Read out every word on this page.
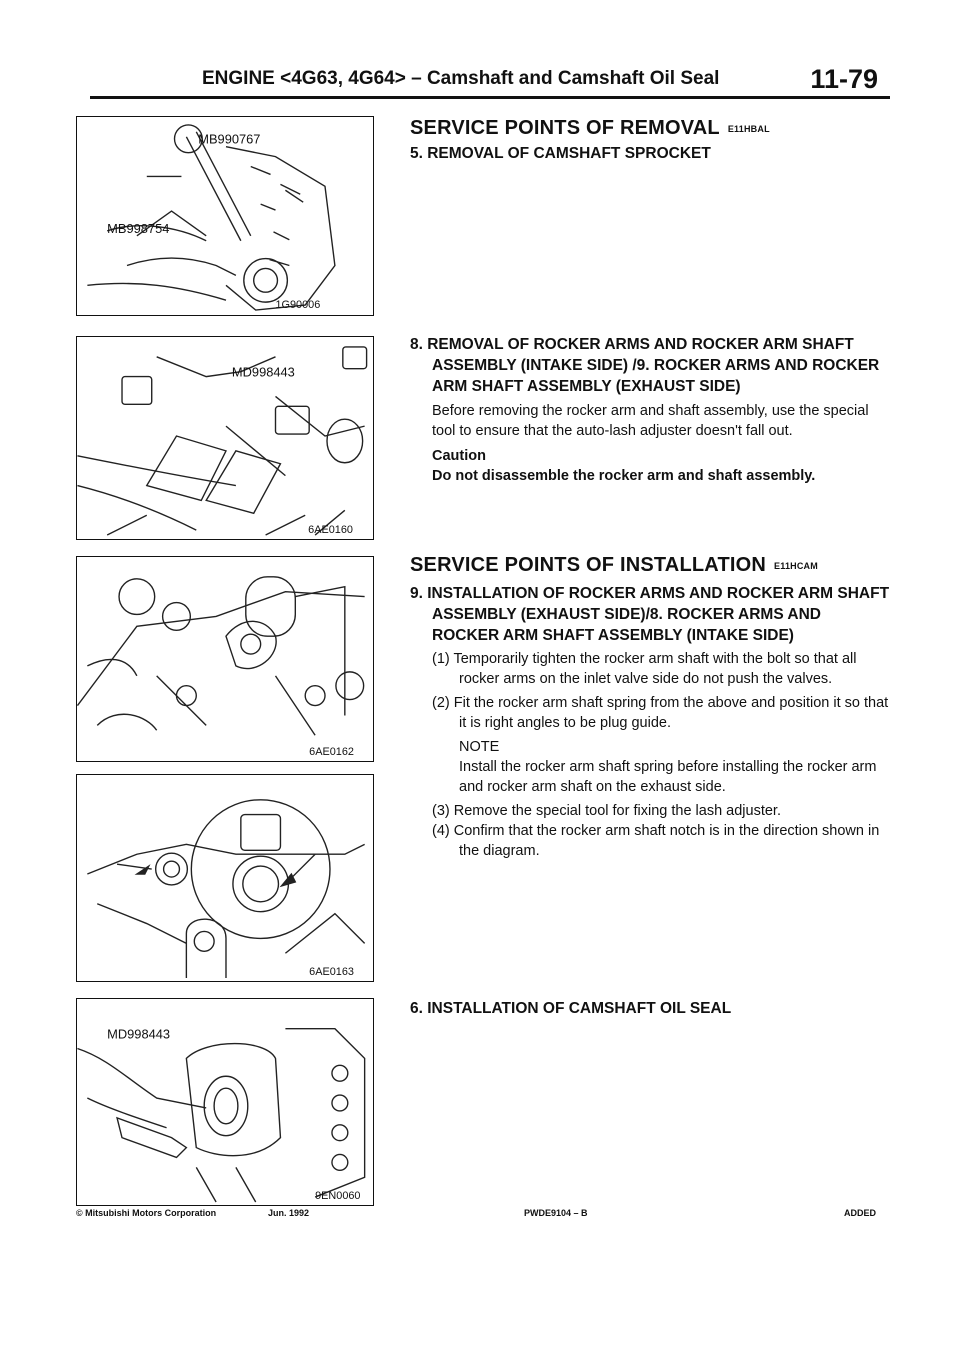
ENGINE <4G63, 4G64> – Camshaft and Camshaft Oil Seal	11-79
MB990767
MB998754
1G90006
MD998443
6AE0160
6AE0162
6AE0163
MD998443
9EN0060
SERVICE POINTS OF REMOVAL E11HBAL
5. REMOVAL OF CAMSHAFT SPROCKET
8. REMOVAL OF ROCKER ARMS AND ROCKER ARM SHAFT ASSEMBLY (INTAKE SIDE) /9. ROCKER ARMS AND ROCKER ARM SHAFT ASSEMBLY (EXHAUST SIDE)
Before removing the rocker arm and shaft assembly, use the special tool to ensure that the auto-lash adjuster doesn't fall out.
Caution
Do not disassemble the rocker arm and shaft assembly.
SERVICE POINTS OF INSTALLATION E11HCAM
9. INSTALLATION OF ROCKER ARMS AND ROCKER ARM SHAFT ASSEMBLY (EXHAUST SIDE)/8. ROCKER ARMS AND ROCKER ARM SHAFT ASSEMBLY (INTAKE SIDE)
(1) Temporarily tighten the rocker arm shaft with the bolt so that all rocker arms on the inlet valve side do not push the valves.
(2) Fit the rocker arm shaft spring from the above and position it so that it is right angles to be plug guide.
NOTE
Install the rocker arm shaft spring before installing the rocker arm and rocker arm shaft on the exhaust side.
(3) Remove the special tool for fixing the lash adjuster.
(4) Confirm that the rocker arm shaft notch is in the direction shown in the diagram.
6. INSTALLATION OF CAMSHAFT OIL SEAL
© Mitsubishi Motors Corporation	Jun. 1992	PWDE9104 – B	ADDED
